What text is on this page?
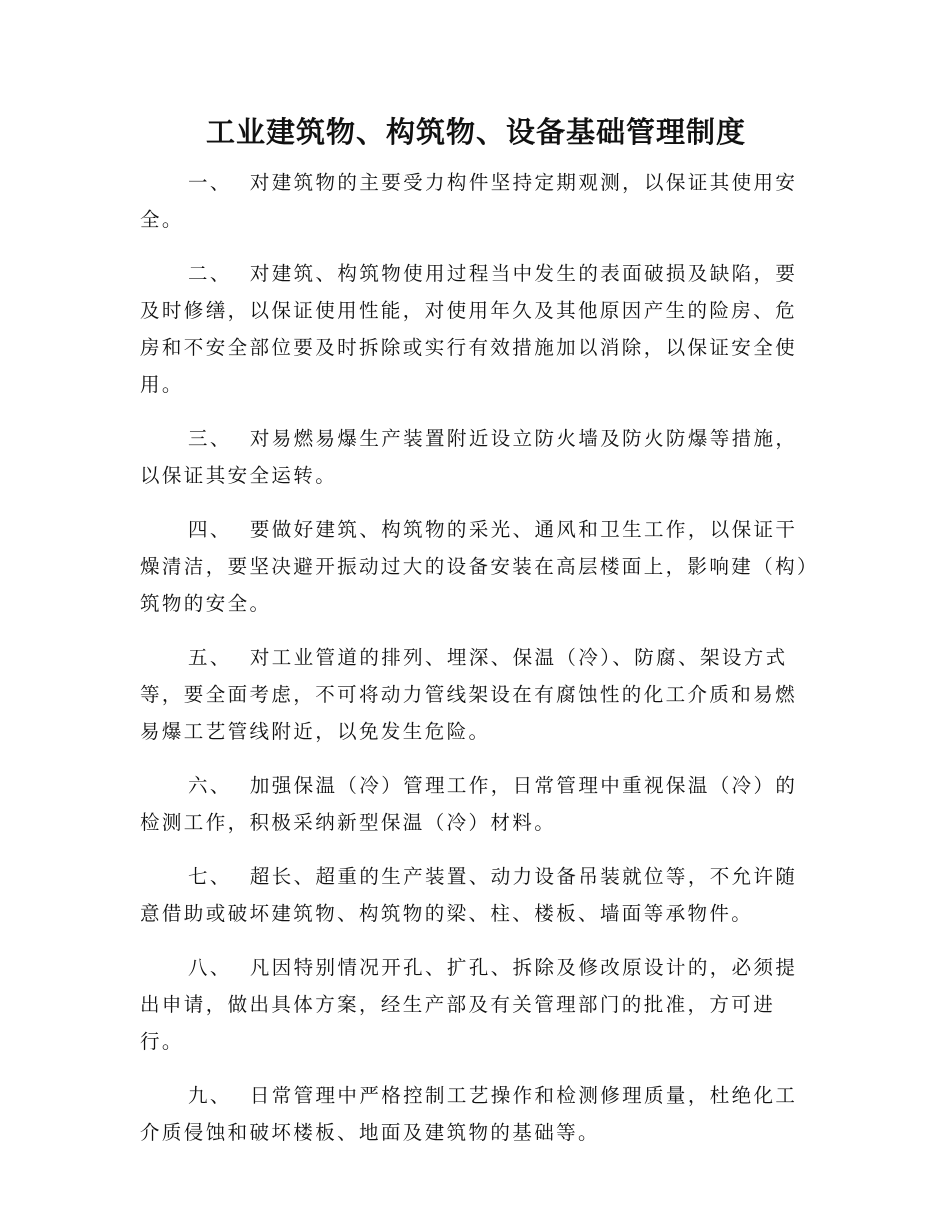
工业建筑物、构筑物、设备基础管理制度

一、 对建筑物的主要受力构件坚持定期观测，以保证其使用安全。

二、 对建筑、构筑物使用过程当中发生的表面破损及缺陷，要及时修缮，以保证使用性能，对使用年久及其他原因产生的险房、危房和不安全部位要及时拆除或实行有效措施加以消除，以保证安全使用。

三、 对易燃易爆生产装置附近设立防火墙及防火防爆等措施，以保证其安全运转。

四、 要做好建筑、构筑物的采光、通风和卫生工作，以保证干燥清洁，要坚决避开振动过大的设备安装在高层楼面上，影响建（构）筑物的安全。

五、 对工业管道的排列、埋深、保温（冷）、防腐、架设方式等，要全面考虑，不可将动力管线架设在有腐蚀性的化工介质和易燃易爆工艺管线附近，以免发生危险。

六、 加强保温（冷）管理工作，日常管理中重视保温（冷）的检测工作，积极采纳新型保温（冷）材料。

七、 超长、超重的生产装置、动力设备吊装就位等，不允许随意借助或破坏建筑物、构筑物的梁、柱、楼板、墙面等承物件。

八、 凡因特别情况开孔、扩孔、拆除及修改原设计的，必须提出申请，做出具体方案，经生产部及有关管理部门的批准，方可进行。

九、 日常管理中严格控制工艺操作和检测修理质量，杜绝化工介质侵蚀和破坏楼板、地面及建筑物的基础等。
